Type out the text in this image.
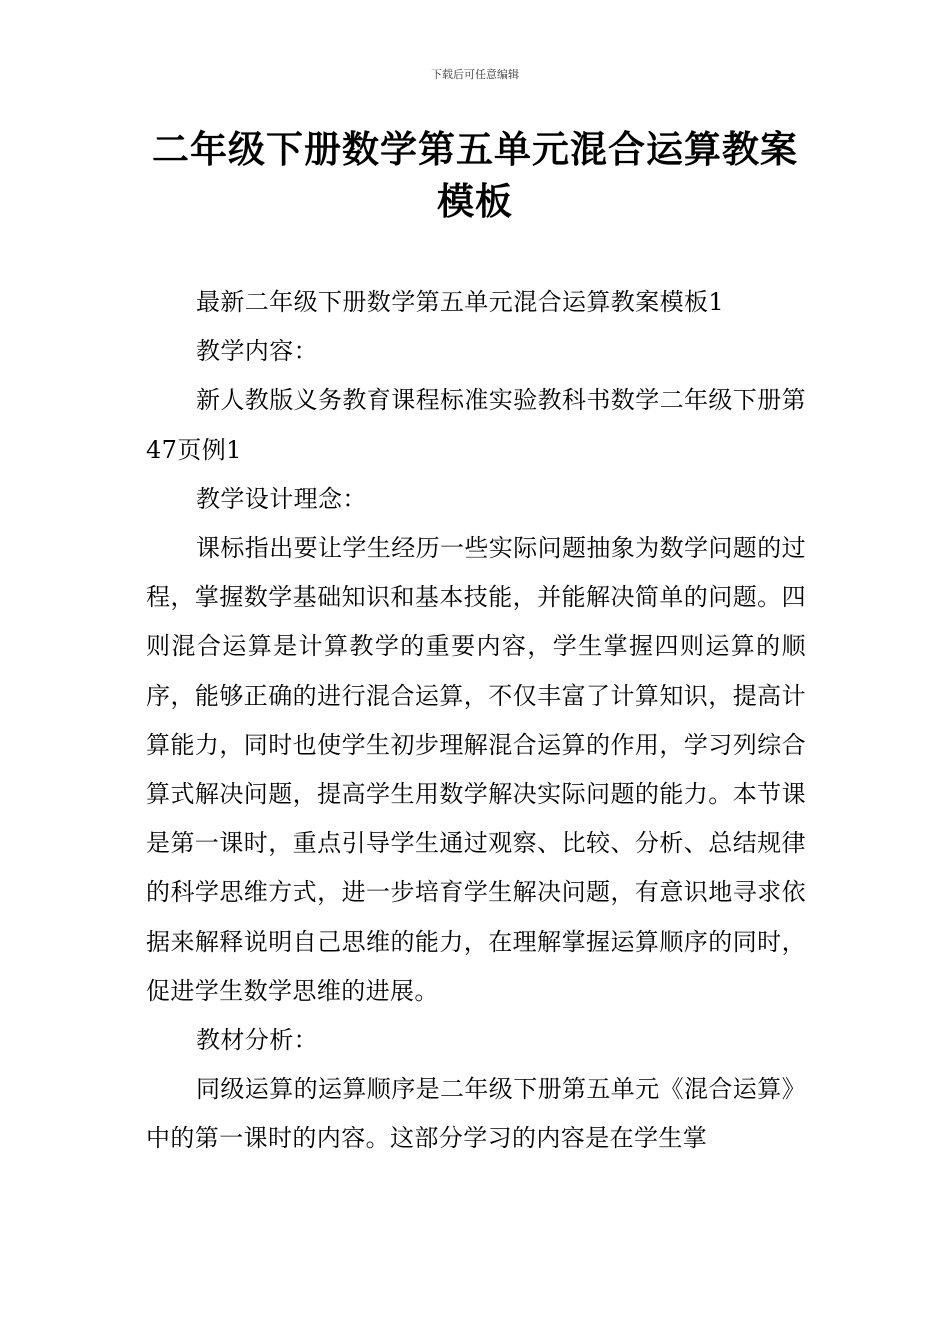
下载后可任意编辑
二年级下册数学第五单元混合运算教案模板

最新二年级下册数学第五单元混合运算教案模板1

教学内容：

新人教版义务教育课程标准实验教科书数学二年级下册第47页例1

教学设计理念：

课标指出要让学生经历一些实际问题抽象为数学问题的过程，掌握数学基础知识和基本技能，并能解决简单的问题。四则混合运算是计算教学的重要内容，学生掌握四则运算的顺序，能够正确的进行混合运算，不仅丰富了计算知识，提高计算能力，同时也使学生初步理解混合运算的作用，学习列综合算式解决问题，提高学生用数学解决实际问题的能力。本节课是第一课时，重点引导学生通过观察、比较、分析、总结规律的科学思维方式，进一步培育学生解决问题，有意识地寻求依据来解释说明自己思维的能力，在理解掌握运算顺序的同时，促进学生数学思维的进展。

教材分析：

同级运算的运算顺序是二年级下册第五单元《混合运算》中的第一课时的内容。这部分学习的内容是在学生掌
